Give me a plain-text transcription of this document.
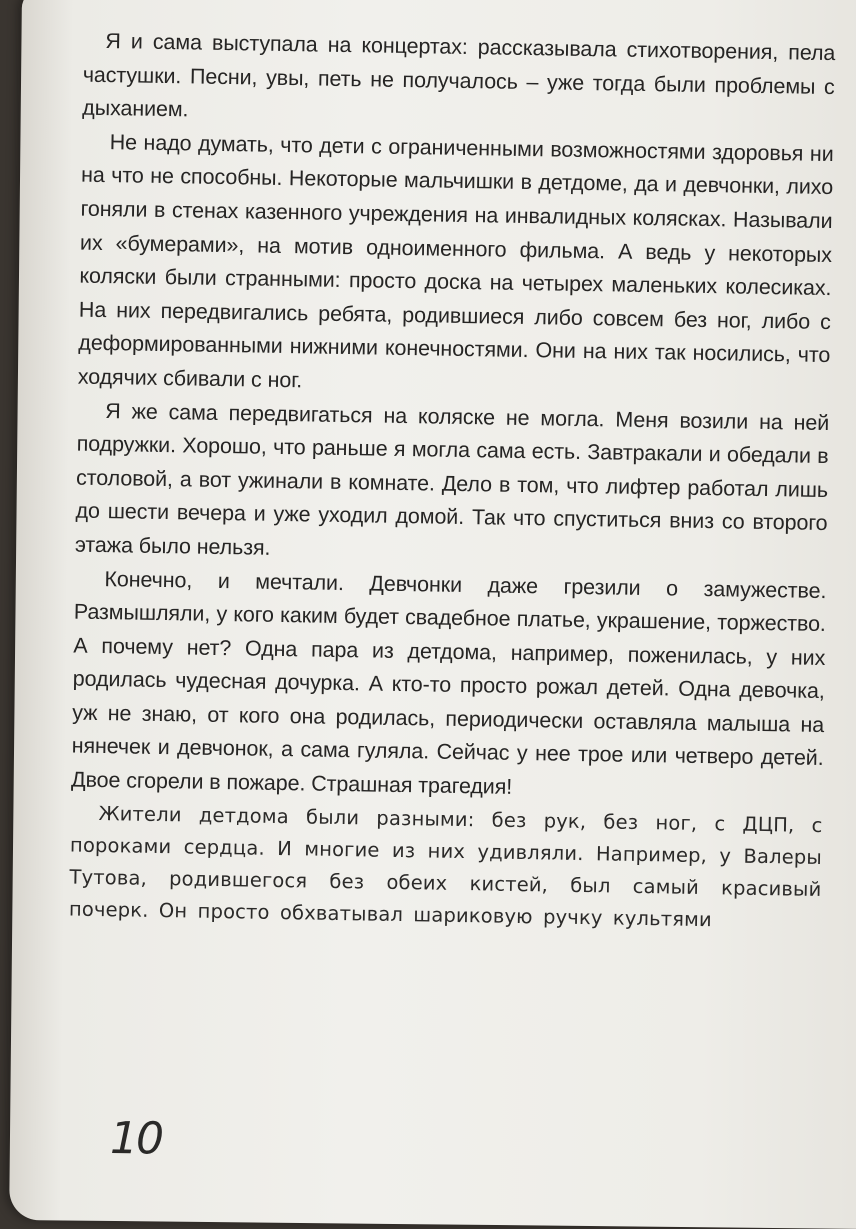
Я и сама выступала на концертах: рассказывала стихотворения, пела частушки. Песни, увы, петь не получалось – уже тогда были проблемы с дыханием.

Не надо думать, что дети с ограниченными возможностями здоровья ни на что не способны. Некоторые мальчишки в детдоме, да и девчонки, лихо гоняли в стенах казенного учреждения на инвалидных колясках. Называли их «бумерами», на мотив одноименного фильма. А ведь у некоторых коляски были странными: просто доска на четырех маленьких колесиках. На них передвигались ребята, родившиеся либо совсем без ног, либо с деформированными нижними конечностями. Они на них так носились, что ходячих сбивали с ног.

Я же сама передвигаться на коляске не могла. Меня возили на ней подружки. Хорошо, что раньше я могла сама есть. Завтракали и обедали в столовой, а вот ужинали в комнате. Дело в том, что лифтер работал лишь до шести вечера и уже уходил домой. Так что спуститься вниз со второго этажа было нельзя.

Конечно, и мечтали. Девчонки даже грезили о замужестве. Размышляли, у кого каким будет свадебное платье, украшение, торжество. А почему нет? Одна пара из детдома, например, поженилась, у них родилась чудесная дочурка. А кто-то просто рожал детей. Одна девочка, уж не знаю, от кого она родилась, периодически оставляла малыша на нянечек и девчонок, а сама гуляла. Сейчас у нее трое или четверо детей. Двое сгорели в пожаре. Страшная трагедия!

Жители детдома были разными: без рук, без ног, с ДЦП, с пороками сердца. И многие из них удивляли. Например, у Валеры Тутова, родившегося без обеих кистей, был самый красивый почерк. Он просто обхватывал шариковую ручку культями

10
